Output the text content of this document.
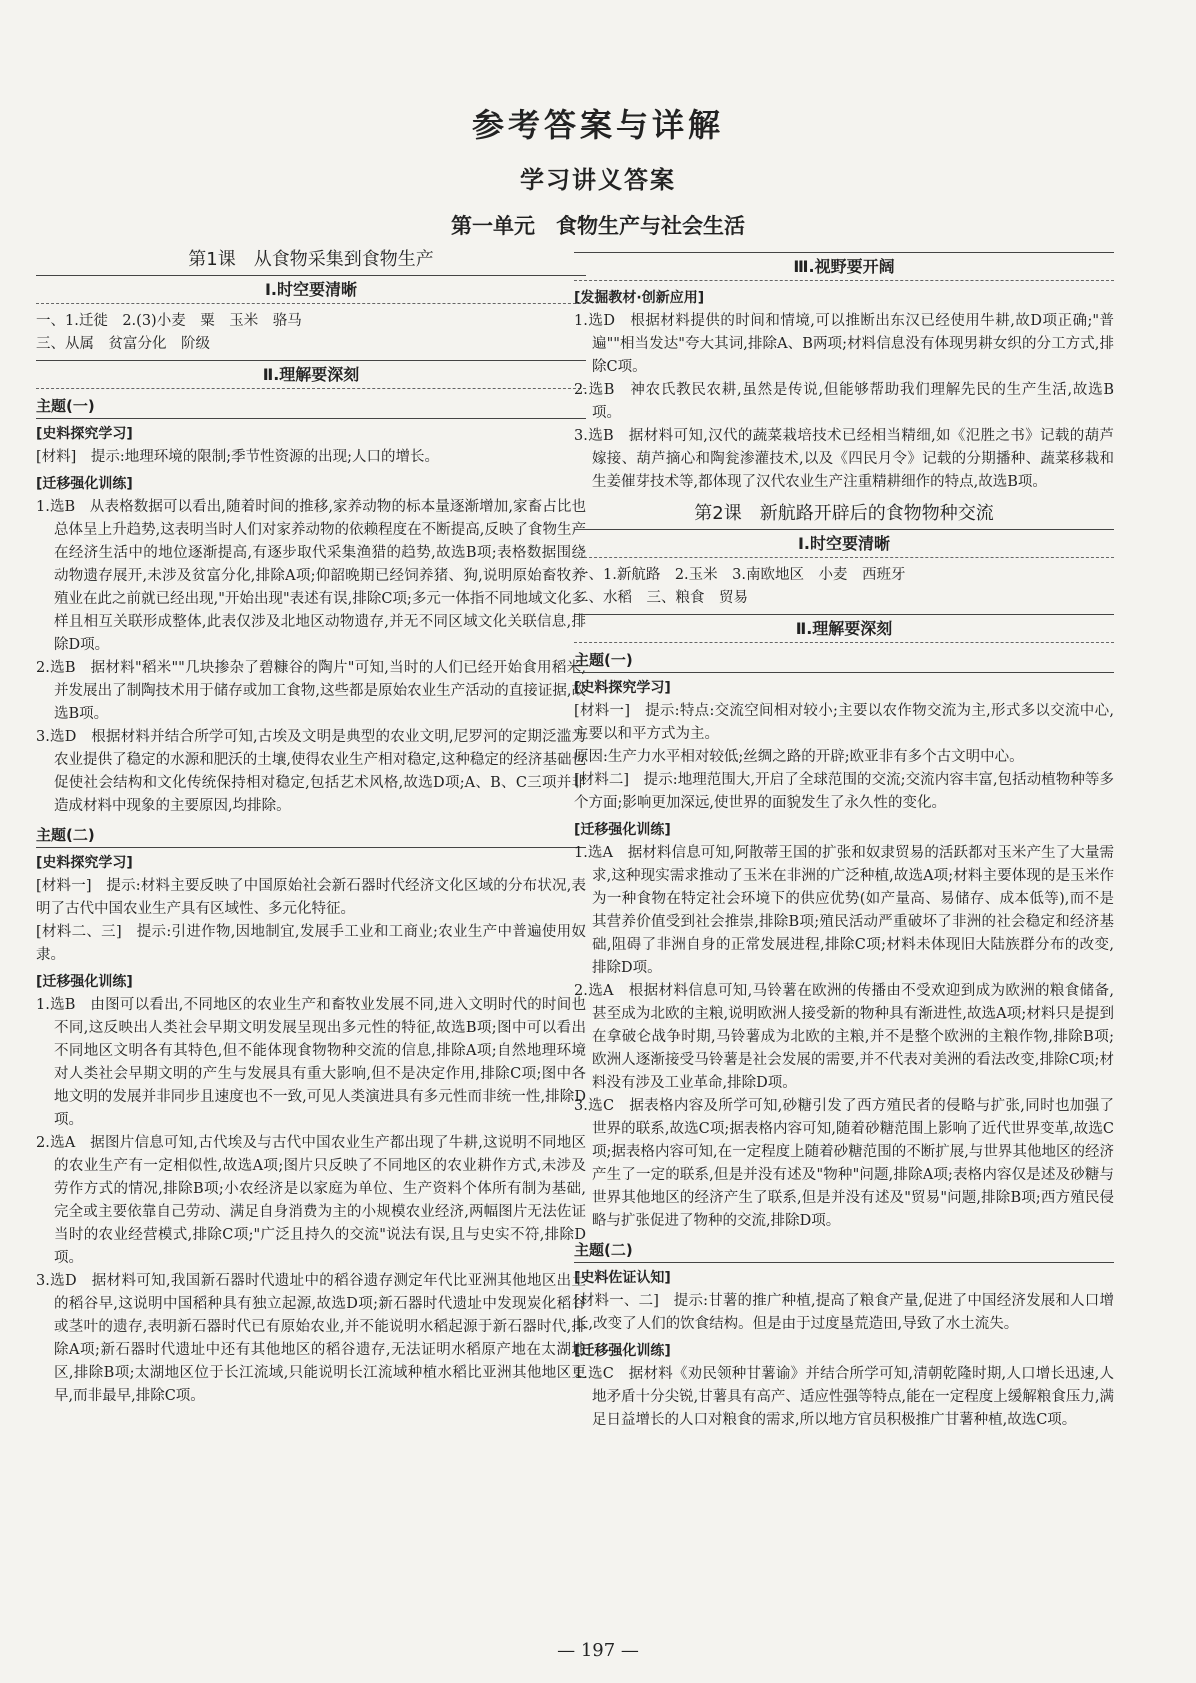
参考答案与详解
学习讲义答案
第一单元　食物生产与社会生活
第1课　从食物采集到食物生产
Ⅰ.时空要清晰

一、1.迁徙　2.(3)小麦　粟　玉米　骆马

三、从属　贫富分化　阶级

Ⅱ.理解要深刻
主题(一)
[史料探究学习]

[材料]　提示:地理环境的限制;季节性资源的出现;人口的增长。

[迁移强化训练]

1.选B　从表格数据可以看出,随着时间的推移,家养动物的标本量逐渐增加,家畜占比也总体呈上升趋势,这表明当时人们对家养动物的依赖程度在不断提高,反映了食物生产在经济生活中的地位逐渐提高,有逐步取代采集渔猎的趋势,故选B项;表格数据围绕动物遗存展开,未涉及贫富分化,排除A项;仰韶晚期已经饲养猪、狗,说明原始畜牧养殖业在此之前就已经出现,"开始出现"表述有误,排除C项;多元一体指不同地域文化多样且相互关联形成整体,此表仅涉及北地区动物遗存,并无不同区域文化关联信息,排除D项。

2.选B　据材料"稻米""几块掺杂了碧糠谷的陶片"可知,当时的人们已经开始食用稻米,并发展出了制陶技术用于储存或加工食物,这些都是原始农业生产活动的直接证据,故选B项。

3.选D　根据材料并结合所学可知,古埃及文明是典型的农业文明,尼罗河的定期泛滥为农业提供了稳定的水源和肥沃的土壤,使得农业生产相对稳定,这种稳定的经济基础也促使社会结构和文化传统保持相对稳定,包括艺术风格,故选D项;A、B、C三项并非造成材料中现象的主要原因,均排除。

主题(二)
[史料探究学习]

[材料一]　提示:材料主要反映了中国原始社会新石器时代经济文化区域的分布状况,表明了古代中国农业生产具有区域性、多元化特征。

[材料二、三]　提示:引进作物,因地制宜,发展手工业和工商业;农业生产中普遍使用奴隶。

[迁移强化训练]

1.选B　由图可以看出,不同地区的农业生产和畜牧业发展不同,进入文明时代的时间也不同,这反映出人类社会早期文明发展呈现出多元性的特征,故选B项;图中可以看出不同地区文明各有其特色,但不能体现食物物种交流的信息,排除A项;自然地理环境对人类社会早期文明的产生与发展具有重大影响,但不是决定作用,排除C项;图中各地文明的发展并非同步且速度也不一致,可见人类演进具有多元性而非统一性,排除D项。

2.选A　据图片信息可知,古代埃及与古代中国农业生产都出现了牛耕,这说明不同地区的农业生产有一定相似性,故选A项;图片只反映了不同地区的农业耕作方式,未涉及劳作方式的情况,排除B项;小农经济是以家庭为单位、生产资料个体所有制为基础,完全或主要依靠自己劳动、满足自身消费为主的小规模农业经济,两幅图片无法佐证当时的农业经营模式,排除C项;"广泛且持久的交流"说法有误,且与史实不符,排除D项。

3.选D　据材料可知,我国新石器时代遗址中的稻谷遗存测定年代比亚洲其他地区出土的稻谷早,这说明中国稻种具有独立起源,故选D项;新石器时代遗址中发现炭化稻谷或茎叶的遗存,表明新石器时代已有原始农业,并不能说明水稻起源于新石器时代,排除A项;新石器时代遗址中还有其他地区的稻谷遗存,无法证明水稻原产地在太湖地区,排除B项;太湖地区位于长江流域,只能说明长江流域种植水稻比亚洲其他地区更早,而非最早,排除C项。

Ⅲ.视野要开阔
[发掘教材·创新应用]

1.选D　根据材料提供的时间和情境,可以推断出东汉已经使用牛耕,故D项正确;"普遍""相当发达"夸大其词,排除A、B两项;材料信息没有体现男耕女织的分工方式,排除C项。

2.选B　神农氏教民农耕,虽然是传说,但能够帮助我们理解先民的生产生活,故选B项。

3.选B　据材料可知,汉代的蔬菜栽培技术已经相当精细,如《氾胜之书》记载的葫芦嫁接、葫芦摘心和陶瓮渗灌技术,以及《四民月令》记载的分期播种、蔬菜移栽和生姜催芽技术等,都体现了汉代农业生产注重精耕细作的特点,故选B项。

第2课　新航路开辟后的食物物种交流
Ⅰ.时空要清晰

一、1.新航路　2.玉米　3.南欧地区　小麦　西班牙

二、水稻　三、粮食　贸易

Ⅱ.理解要深刻
主题(一)
[史料探究学习]

[材料一]　提示:特点:交流空间相对较小;主要以农作物交流为主,形式多以交流中心,主要以和平方式为主。

原因:生产力水平相对较低;丝绸之路的开辟;欧亚非有多个古文明中心。

[材料二]　提示:地理范围大,开启了全球范围的交流;交流内容丰富,包括动植物种等多个方面;影响更加深远,使世界的面貌发生了永久性的变化。

[迁移强化训练]

1.选A　据材料信息可知,阿散蒂王国的扩张和奴隶贸易的活跃都对玉米产生了大量需求,这种现实需求推动了玉米在非洲的广泛种植,故选A项;材料主要体现的是玉米作为一种食物在特定社会环境下的供应优势(如产量高、易储存、成本低等),而不是其营养价值受到社会推崇,排除B项;殖民活动严重破坏了非洲的社会稳定和经济基础,阻碍了非洲自身的正常发展进程,排除C项;材料未体现旧大陆族群分布的改变,排除D项。

2.选A　根据材料信息可知,马铃薯在欧洲的传播由不受欢迎到成为欧洲的粮食储备,甚至成为北欧的主粮,说明欧洲人接受新的物种具有渐进性,故选A项;材料只是提到在拿破仑战争时期,马铃薯成为北欧的主粮,并不是整个欧洲的主粮作物,排除B项;欧洲人逐渐接受马铃薯是社会发展的需要,并不代表对美洲的看法改变,排除C项;材料没有涉及工业革命,排除D项。

3.选C　据表格内容及所学可知,砂糖引发了西方殖民者的侵略与扩张,同时也加强了世界的联系,故选C项;据表格内容可知,随着砂糖范围上影响了近代世界变革,故选C项;据表格内容可知,在一定程度上随着砂糖范围的不断扩展,与世界其他地区的经济产生了一定的联系,但是并没有述及"物种"问题,排除A项;表格内容仅是述及砂糖与世界其他地区的经济产生了联系,但是并没有述及"贸易"问题,排除B项;西方殖民侵略与扩张促进了物种的交流,排除D项。

主题(二)
[史料佐证认知]

[材料一、二]　提示:甘薯的推广种植,提高了粮食产量,促进了中国经济发展和人口增长,改变了人们的饮食结构。但是由于过度垦荒造田,导致了水土流失。

[迁移强化训练]

1.选C　据材料《劝民领种甘薯谕》并结合所学可知,清朝乾隆时期,人口增长迅速,人地矛盾十分尖锐,甘薯具有高产、适应性强等特点,能在一定程度上缓解粮食压力,满足日益增长的人口对粮食的需求,所以地方官员积极推广甘薯种植,故选C项。

— 197 —
